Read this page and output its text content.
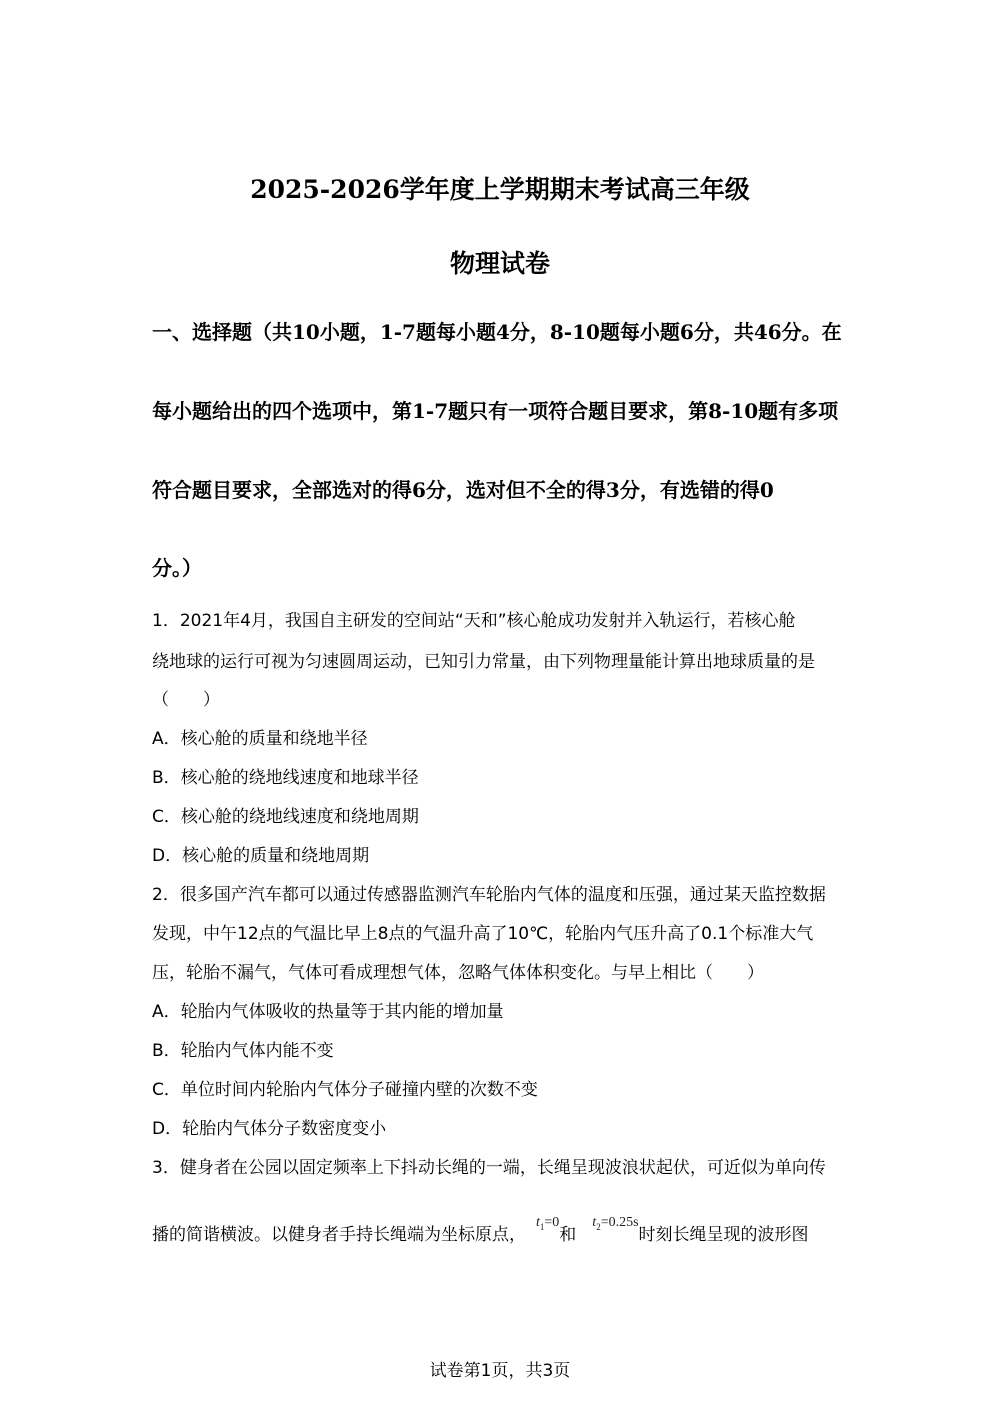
2025-2026学年度上学期期末考试高三年级
物理试卷
一、选择题（共10小题，1-7题每小题4分，8-10题每小题6分，共46分。在
每小题给出的四个选项中，第1-7题只有一项符合题目要求，第8-10题有多项
符合题目要求，全部选对的得6分，选对但不全的得3分，有选错的得0
分。）
1．2021年4月，我国自主研发的空间站“天和”核心舱成功发射并入轨运行，若核心舱
绕地球的运行可视为匀速圆周运动，已知引力常量，由下列物理量能计算出地球质量的是
（　　）
A．核心舱的质量和绕地半径
B．核心舱的绕地线速度和地球半径
C．核心舱的绕地线速度和绕地周期
D．核心舱的质量和绕地周期
2．很多国产汽车都可以通过传感器监测汽车轮胎内气体的温度和压强，通过某天监控数据
发现，中午12点的气温比早上8点的气温升高了10℃，轮胎内气压升高了0.1个标准大气
压，轮胎不漏气，气体可看成理想气体，忽略气体体积变化。与早上相比（　　）
A．轮胎内气体吸收的热量等于其内能的增加量
B．轮胎内气体内能不变
C．单位时间内轮胎内气体分子碰撞内壁的次数不变
D．轮胎内气体分子数密度变小
3．健身者在公园以固定频率上下抖动长绳的一端，长绳呈现波浪状起伏，可近似为单向传
播的简谐横波。以健身者手持长绳端为坐标原点，$^{t_1=0}$和$^{t_2=0.25s}$时刻长绳呈现的波形图
试卷第1页，共3页
